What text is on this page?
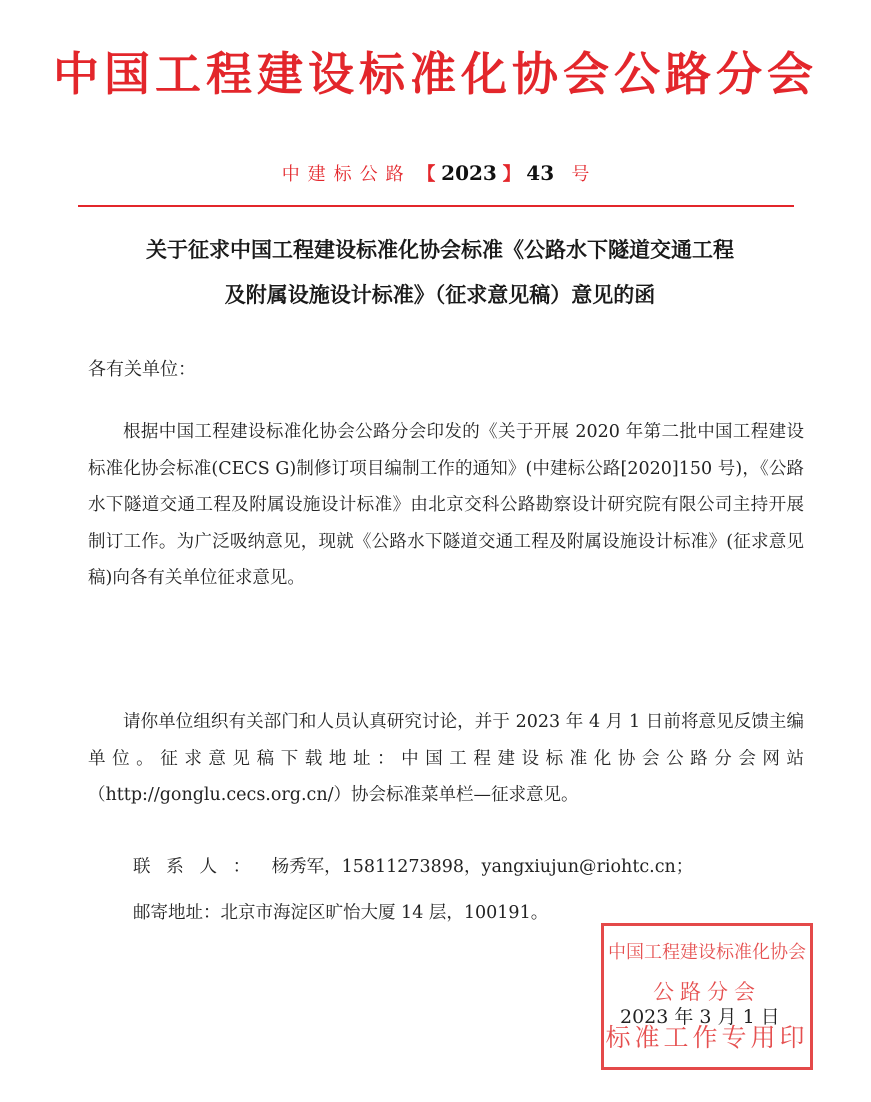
中国工程建设标准化协会公路分会
中建标公路 【 2023 】 43 号
关于征求中国工程建设标准化协会标准《公路水下隧道交通工程
及附属设施设计标准》（征求意见稿）意见的函
各有关单位：
根据中国工程建设标准化协会公路分会印发的《关于开展 2020 年第二批中国工程建设标准化协会标准(CECS G)制修订项目编制工作的通知》(中建标公路[2020]150 号)，《公路水下隧道交通工程及附属设施设计标准》由北京交科公路勘察设计研究院有限公司主持开展制订工作。为广泛吸纳意见，现就《公路水下隧道交通工程及附属设施设计标准》(征求意见稿)向各有关单位征求意见。
请你单位组织有关部门和人员认真研究讨论，并于 2023 年 4 月 1 日前将意见反馈主编单位。征求意见稿下载地址：中国工程建设标准化协会公路分会网站（http://gonglu.cecs.org.cn/）协会标准菜单栏—征求意见。
联系人： 杨秀军，15811273898，yangxiujun@riohtc.cn；
邮寄地址：北京市海淀区旷怡大厦 14 层，100191。
2023 年 3 月 1 日
中国工程建设标准化协会
公路分会
标准工作专用印
